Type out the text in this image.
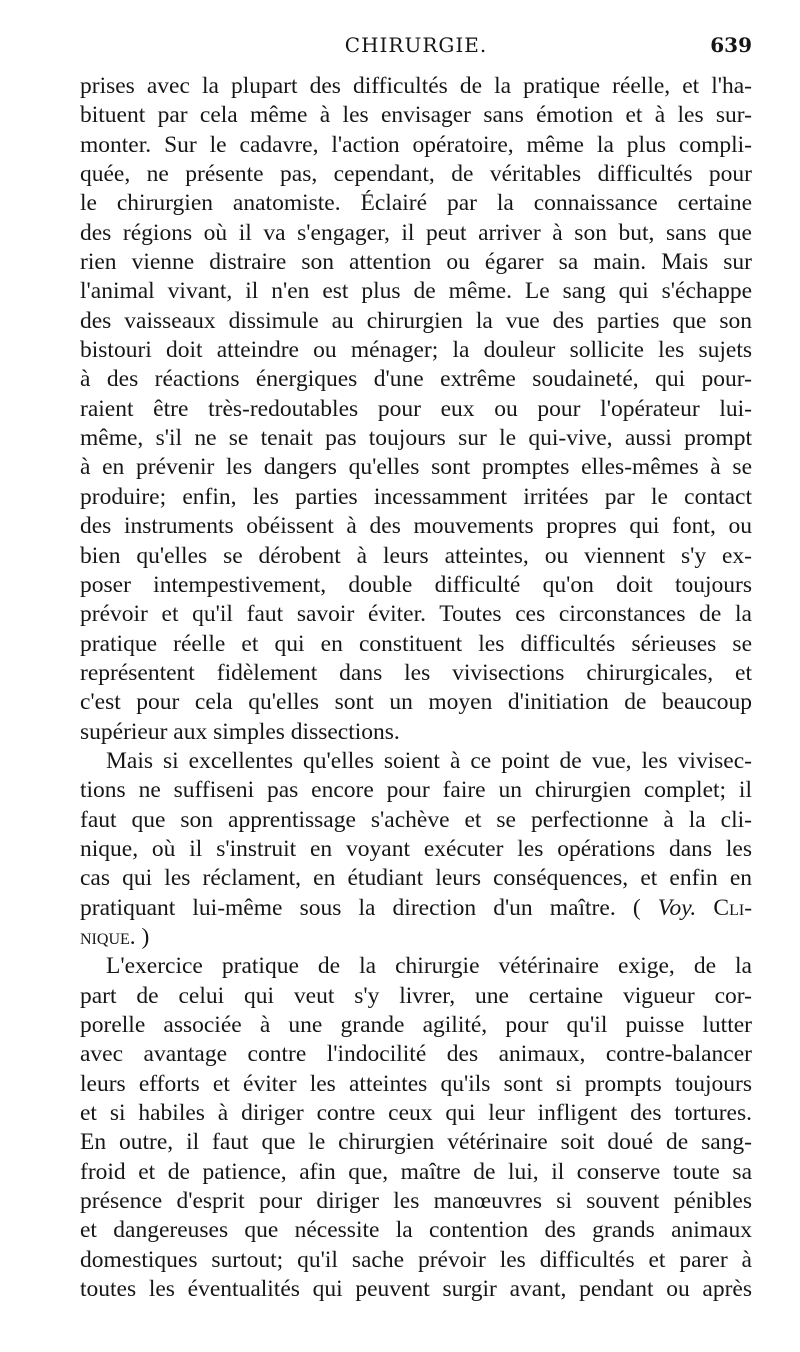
CHIRURGIE.	639
prises avec la plupart des difficultés de la pratique réelle, et l'ha-
bituent par cela même à les envisager sans émotion et à les sur-
monter. Sur le cadavre, l'action opératoire, même la plus compli-
quée, ne présente pas, cependant, de véritables difficultés pour
le chirurgien anatomiste. Éclairé par la connaissance certaine
des régions où il va s'engager, il peut arriver à son but, sans que
rien vienne distraire son attention ou égarer sa main. Mais sur
l'animal vivant, il n'en est plus de même. Le sang qui s'échappe
des vaisseaux dissimule au chirurgien la vue des parties que son
bistouri doit atteindre ou ménager; la douleur sollicite les sujets
à des réactions énergiques d'une extrême soudaineté, qui pour-
raient être très-redoutables pour eux ou pour l'opérateur lui-
même, s'il ne se tenait pas toujours sur le qui-vive, aussi prompt
à en prévenir les dangers qu'elles sont promptes elles-mêmes à se
produire; enfin, les parties incessamment irritées par le contact
des instruments obéissent à des mouvements propres qui font, ou
bien qu'elles se dérobent à leurs atteintes, ou viennent s'y ex-
poser intempestivement, double difficulté qu'on doit toujours
prévoir et qu'il faut savoir éviter. Toutes ces circonstances de la
pratique réelle et qui en constituent les difficultés sérieuses se
représentent fidèlement dans les vivisections chirurgicales, et
c'est pour cela qu'elles sont un moyen d'initiation de beaucoup
supérieur aux simples dissections.
Mais si excellentes qu'elles soient à ce point de vue, les vivisec-
tions ne suffiseni pas encore pour faire un chirurgien complet; il
faut que son apprentissage s'achève et se perfectionne à la cli-
nique, où il s'instruit en voyant exécuter les opérations dans les
cas qui les réclament, en étudiant leurs conséquences, et enfin en
pratiquant lui-même sous la direction d'un maître. ( Voy. Cli-
nique. )
L'exercice pratique de la chirurgie vétérinaire exige, de la
part de celui qui veut s'y livrer, une certaine vigueur cor-
porelle associée à une grande agilité, pour qu'il puisse lutter
avec avantage contre l'indocilité des animaux, contre-balancer
leurs efforts et éviter les atteintes qu'ils sont si prompts toujours
et si habiles à diriger contre ceux qui leur infligent des tortures.
En outre, il faut que le chirurgien vétérinaire soit doué de sang-
froid et de patience, afin que, maître de lui, il conserve toute sa
présence d'esprit pour diriger les manœuvres si souvent pénibles
et dangereuses que nécessite la contention des grands animaux
domestiques surtout; qu'il sache prévoir les difficultés et parer à
toutes les éventualités qui peuvent surgir avant, pendant ou après
